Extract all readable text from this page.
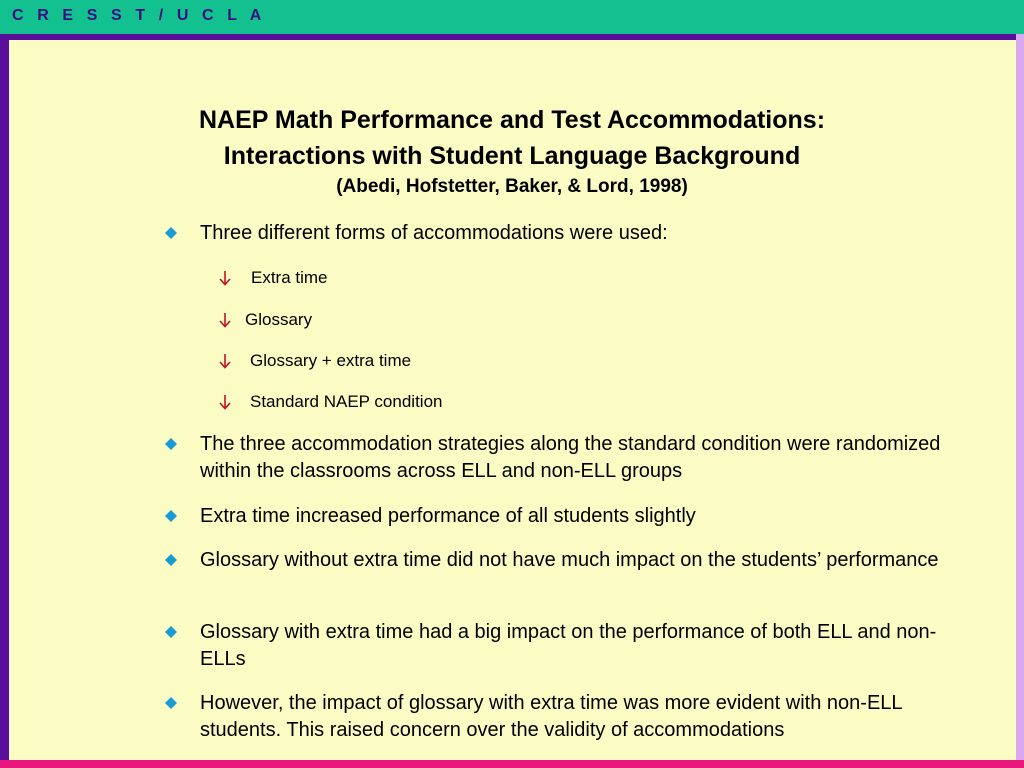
C R E S S T / U C L A
NAEP Math Performance and Test Accommodations:
Interactions with Student Language Background
(Abedi, Hofstetter, Baker, & Lord, 1998)
Three different forms of accommodations were used:
Extra time
Glossary
Glossary + extra time
Standard NAEP condition
The three accommodation strategies along the standard condition were randomized within the classrooms across ELL and non-ELL groups
Extra time increased performance of all students slightly
Glossary without extra time did not have much impact on the students’ performance
Glossary with extra time had a big impact on the performance of both ELL and non-ELLs
However, the impact of glossary with extra time was more evident with non-ELL students. This raised concern over the validity of accommodations
